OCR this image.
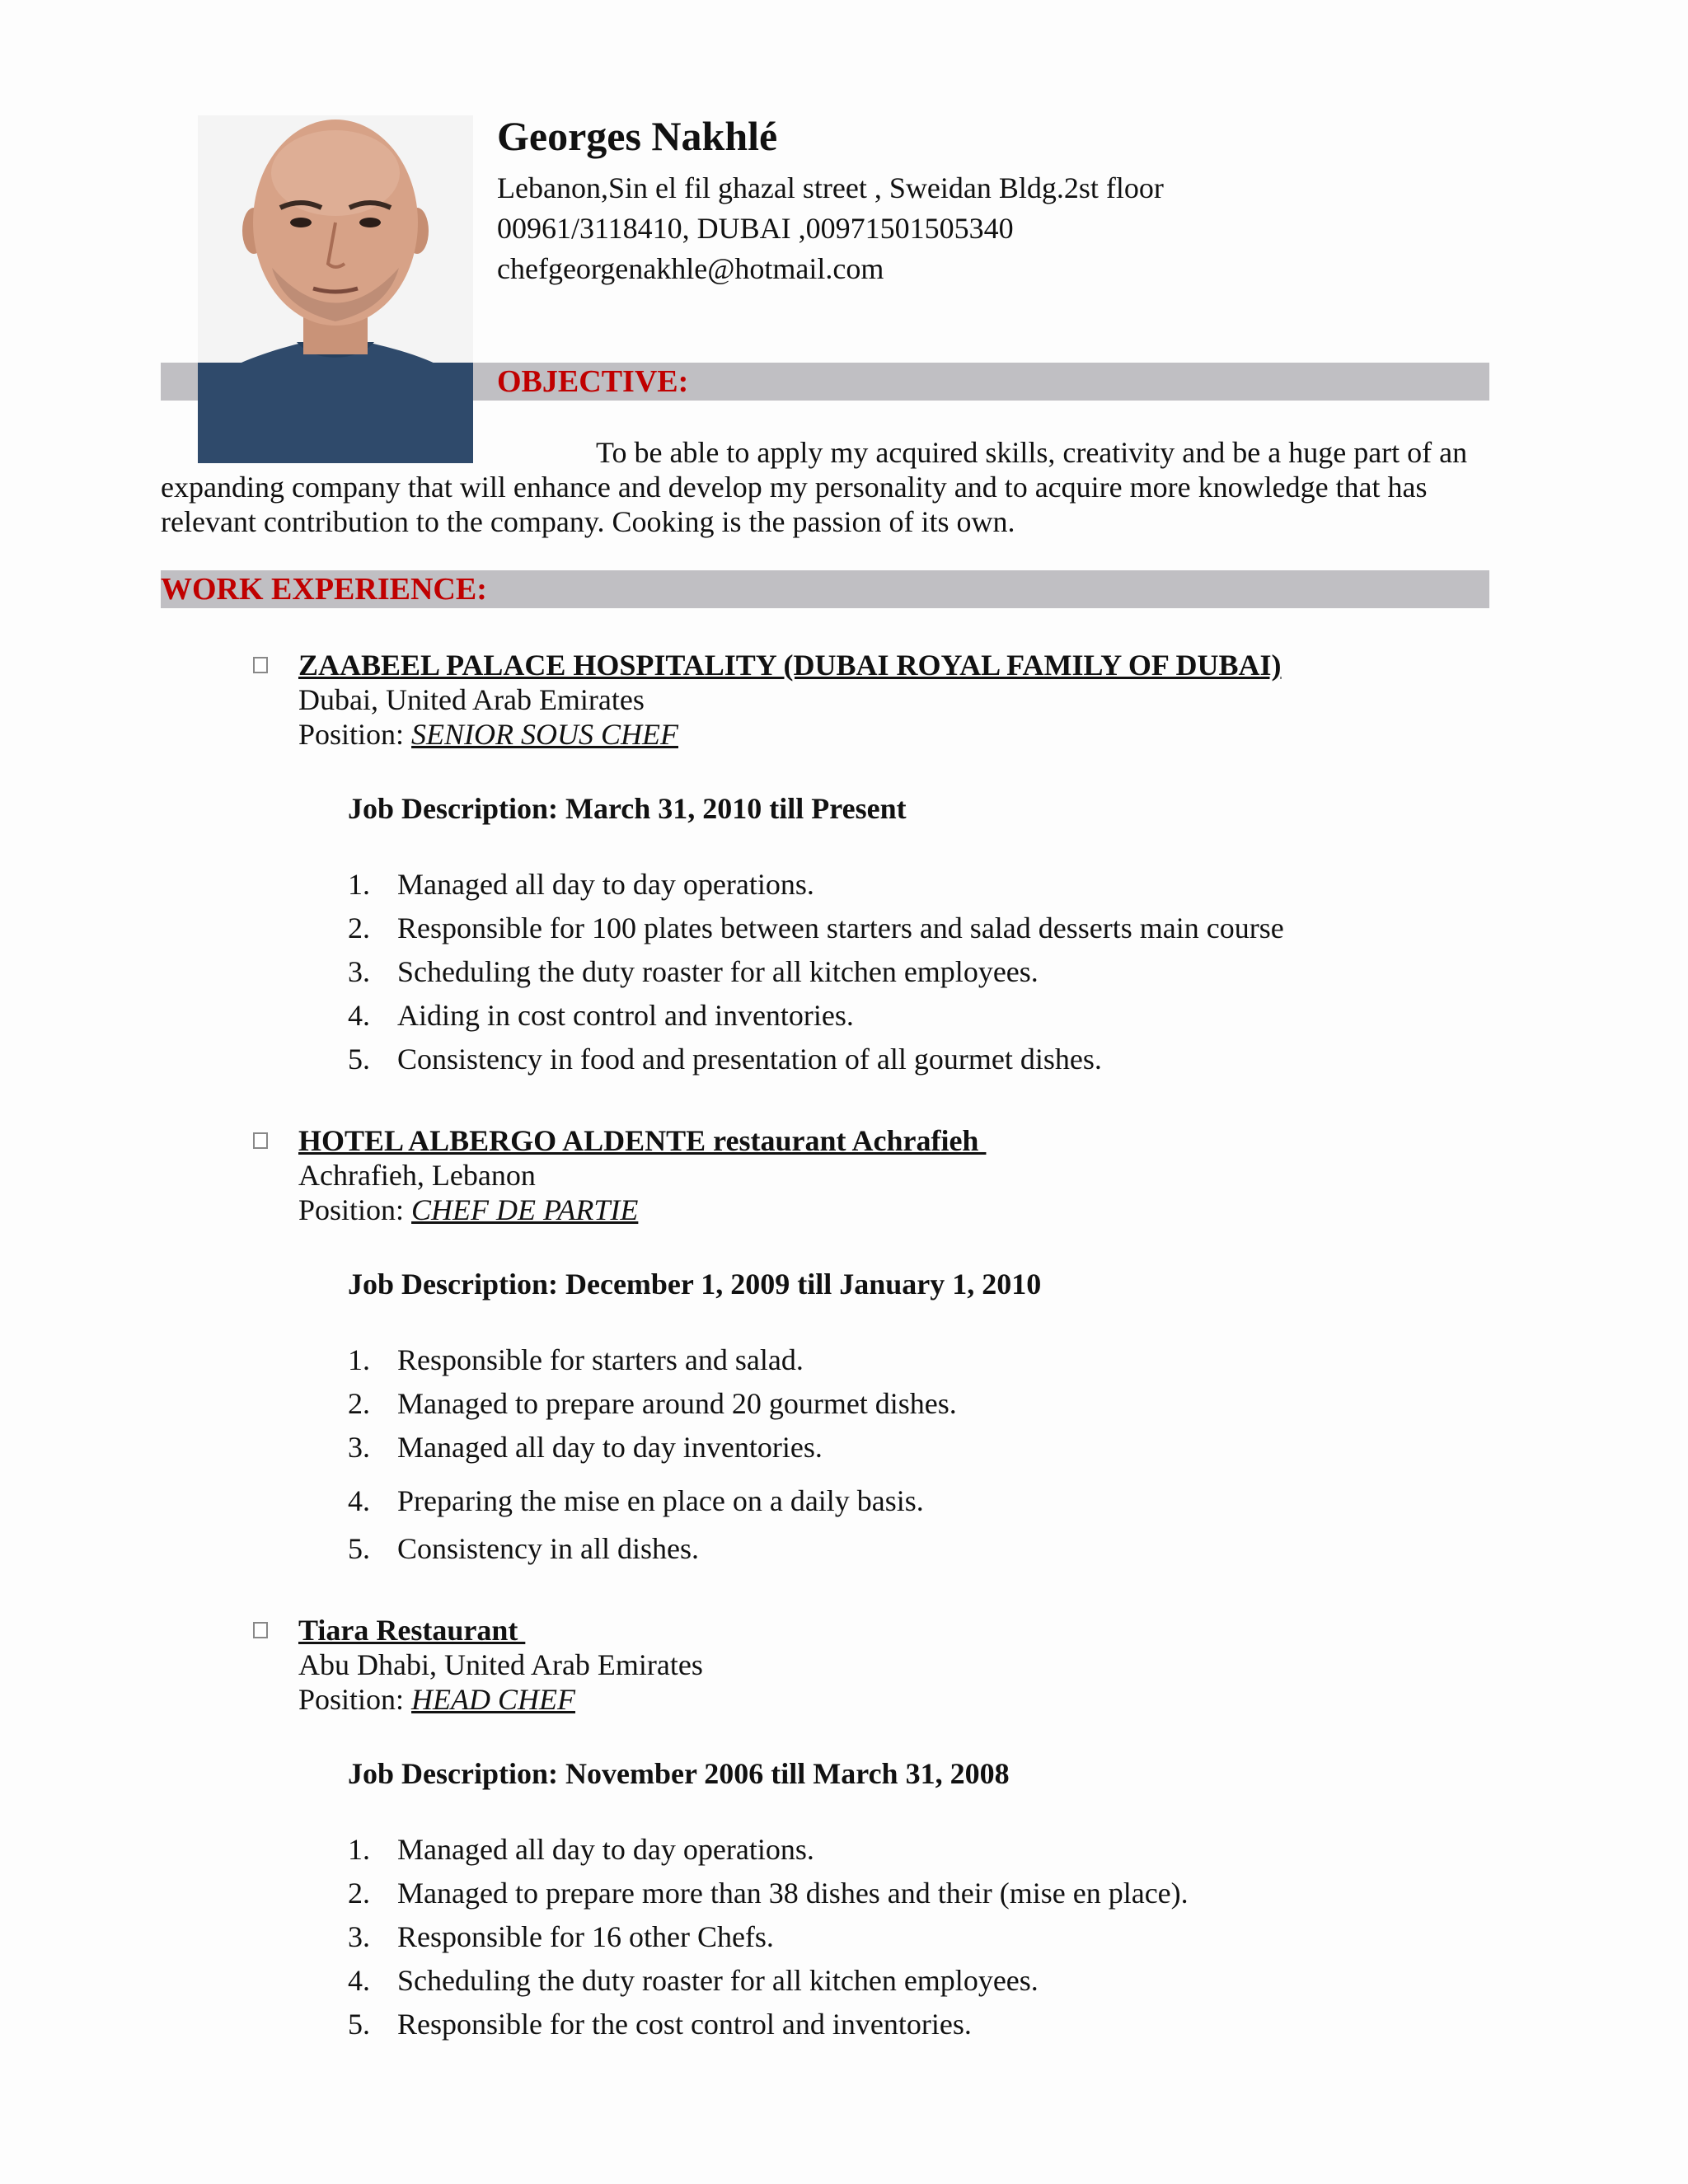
Georges Nakhlé
Lebanon,Sin el fil ghazal street , Sweidan Bldg.2st floor
00961/3118410, DUBAI ,00971501505340
chefgeorgenakhle@hotmail.com
OBJECTIVE:
To be able to apply my acquired skills, creativity and be a huge part of an
expanding company that will enhance and develop my personality and to acquire more knowledge that has
relevant contribution to the company. Cooking is the passion of its own.
WORK EXPERIENCE:
ZAABEEL PALACE HOSPITALITY (DUBAI ROYAL FAMILY OF DUBAI)
Dubai, United Arab Emirates
Position: SENIOR SOUS CHEF
Job Description: March 31, 2010 till Present
1. Managed all day to day operations.
2. Responsible for 100 plates between starters and salad desserts main course
3. Scheduling the duty roaster for all kitchen employees.
4. Aiding in cost control and inventories.
5. Consistency in food and presentation of all gourmet dishes.
HOTEL ALBERGO ALDENTE restaurant Achrafieh
Achrafieh, Lebanon
Position: CHEF DE PARTIE
Job Description: December 1, 2009 till January 1, 2010
1. Responsible for starters and salad.
2. Managed to prepare around 20 gourmet dishes.
3. Managed all day to day inventories.
4. Preparing the mise en place on a daily basis.
5. Consistency in all dishes.
Tiara Restaurant
Abu Dhabi, United Arab Emirates
Position: HEAD CHEF
Job Description: November 2006 till March 31, 2008
1. Managed all day to day operations.
2. Managed to prepare more than 38 dishes and their (mise en place).
3. Responsible for 16 other Chefs.
4. Scheduling the duty roaster for all kitchen employees.
5. Responsible for the cost control and inventories.
